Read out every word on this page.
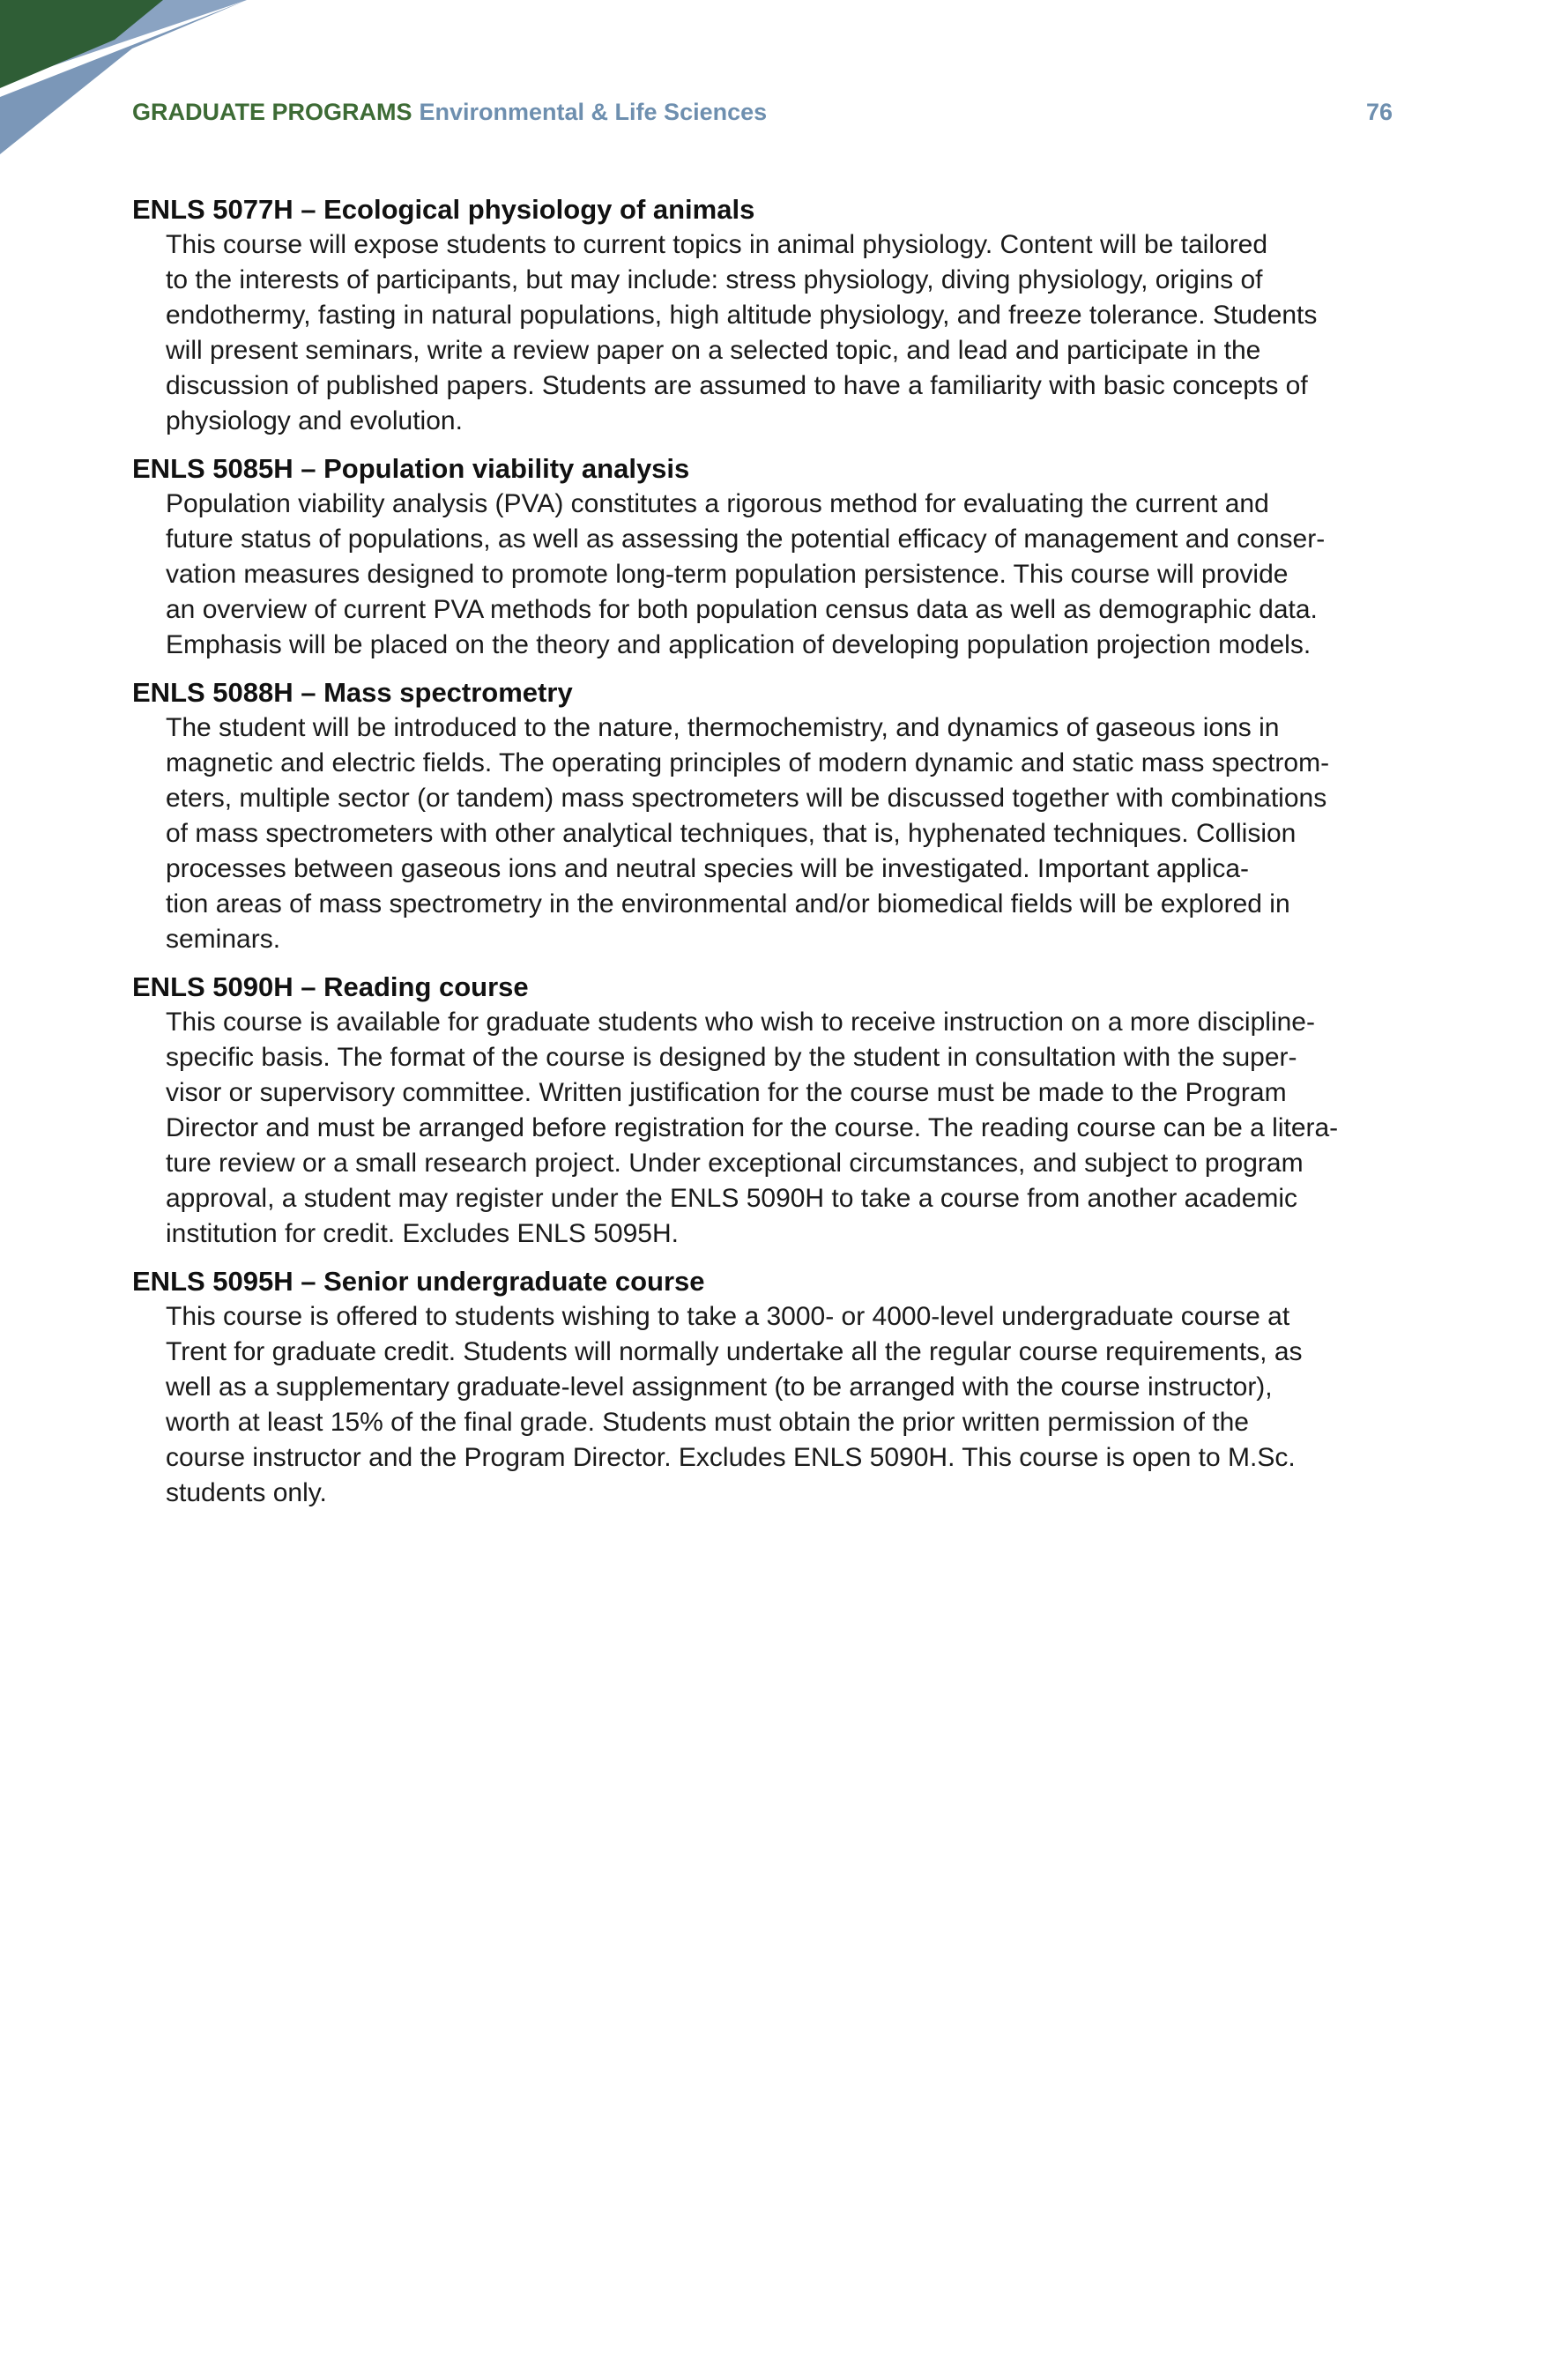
GRADUATE PROGRAMS Environmental & Life Sciences	76
ENLS 5077H – Ecological physiology of animals

This course will expose students to current topics in animal physiology. Content will be tailored
to the interests of participants, but may include: stress physiology, diving physiology, origins of
endothermy, fasting in natural populations, high altitude physiology, and freeze tolerance. Students
will present seminars, write a review paper on a selected topic, and lead and participate in the
discussion of published papers. Students are assumed to have a familiarity with basic concepts of
physiology and evolution.

ENLS 5085H – Population viability analysis

Population viability analysis (PVA) constitutes a rigorous method for evaluating the current and
future status of populations, as well as assessing the potential efficacy of management and conser-
vation measures designed to promote long-term population persistence. This course will provide
an overview of current PVA methods for both population census data as well as demographic data.
Emphasis will be placed on the theory and application of developing population projection models.

ENLS 5088H – Mass spectrometry

The student will be introduced to the nature, thermochemistry, and dynamics of gaseous ions in
magnetic and electric fields. The operating principles of modern dynamic and static mass spectrom-
eters, multiple sector (or tandem) mass spectrometers will be discussed together with combinations
of mass spectrometers with other analytical techniques, that is, hyphenated techniques. Collision
processes between gaseous ions and neutral species will be investigated. Important applica-
tion areas of mass spectrometry in the environmental and/or biomedical fields will be explored in
seminars.

ENLS 5090H – Reading course

This course is available for graduate students who wish to receive instruction on a more discipline-
specific basis. The format of the course is designed by the student in consultation with the super-
visor or supervisory committee. Written justification for the course must be made to the Program
Director and must be arranged before registration for the course. The reading course can be a litera-
ture review or a small research project. Under exceptional circumstances, and subject to program
approval, a student may register under the ENLS 5090H to take a course from another academic
institution for credit. Excludes ENLS 5095H.

ENLS 5095H – Senior undergraduate course

This course is offered to students wishing to take a 3000- or 4000-level undergraduate course at
Trent for graduate credit. Students will normally undertake all the regular course requirements, as
well as a supplementary graduate-level assignment (to be arranged with the course instructor),
worth at least 15% of the final grade. Students must obtain the prior written permission of the
course instructor and the Program Director. Excludes ENLS 5090H. This course is open to M.Sc.
students only.
